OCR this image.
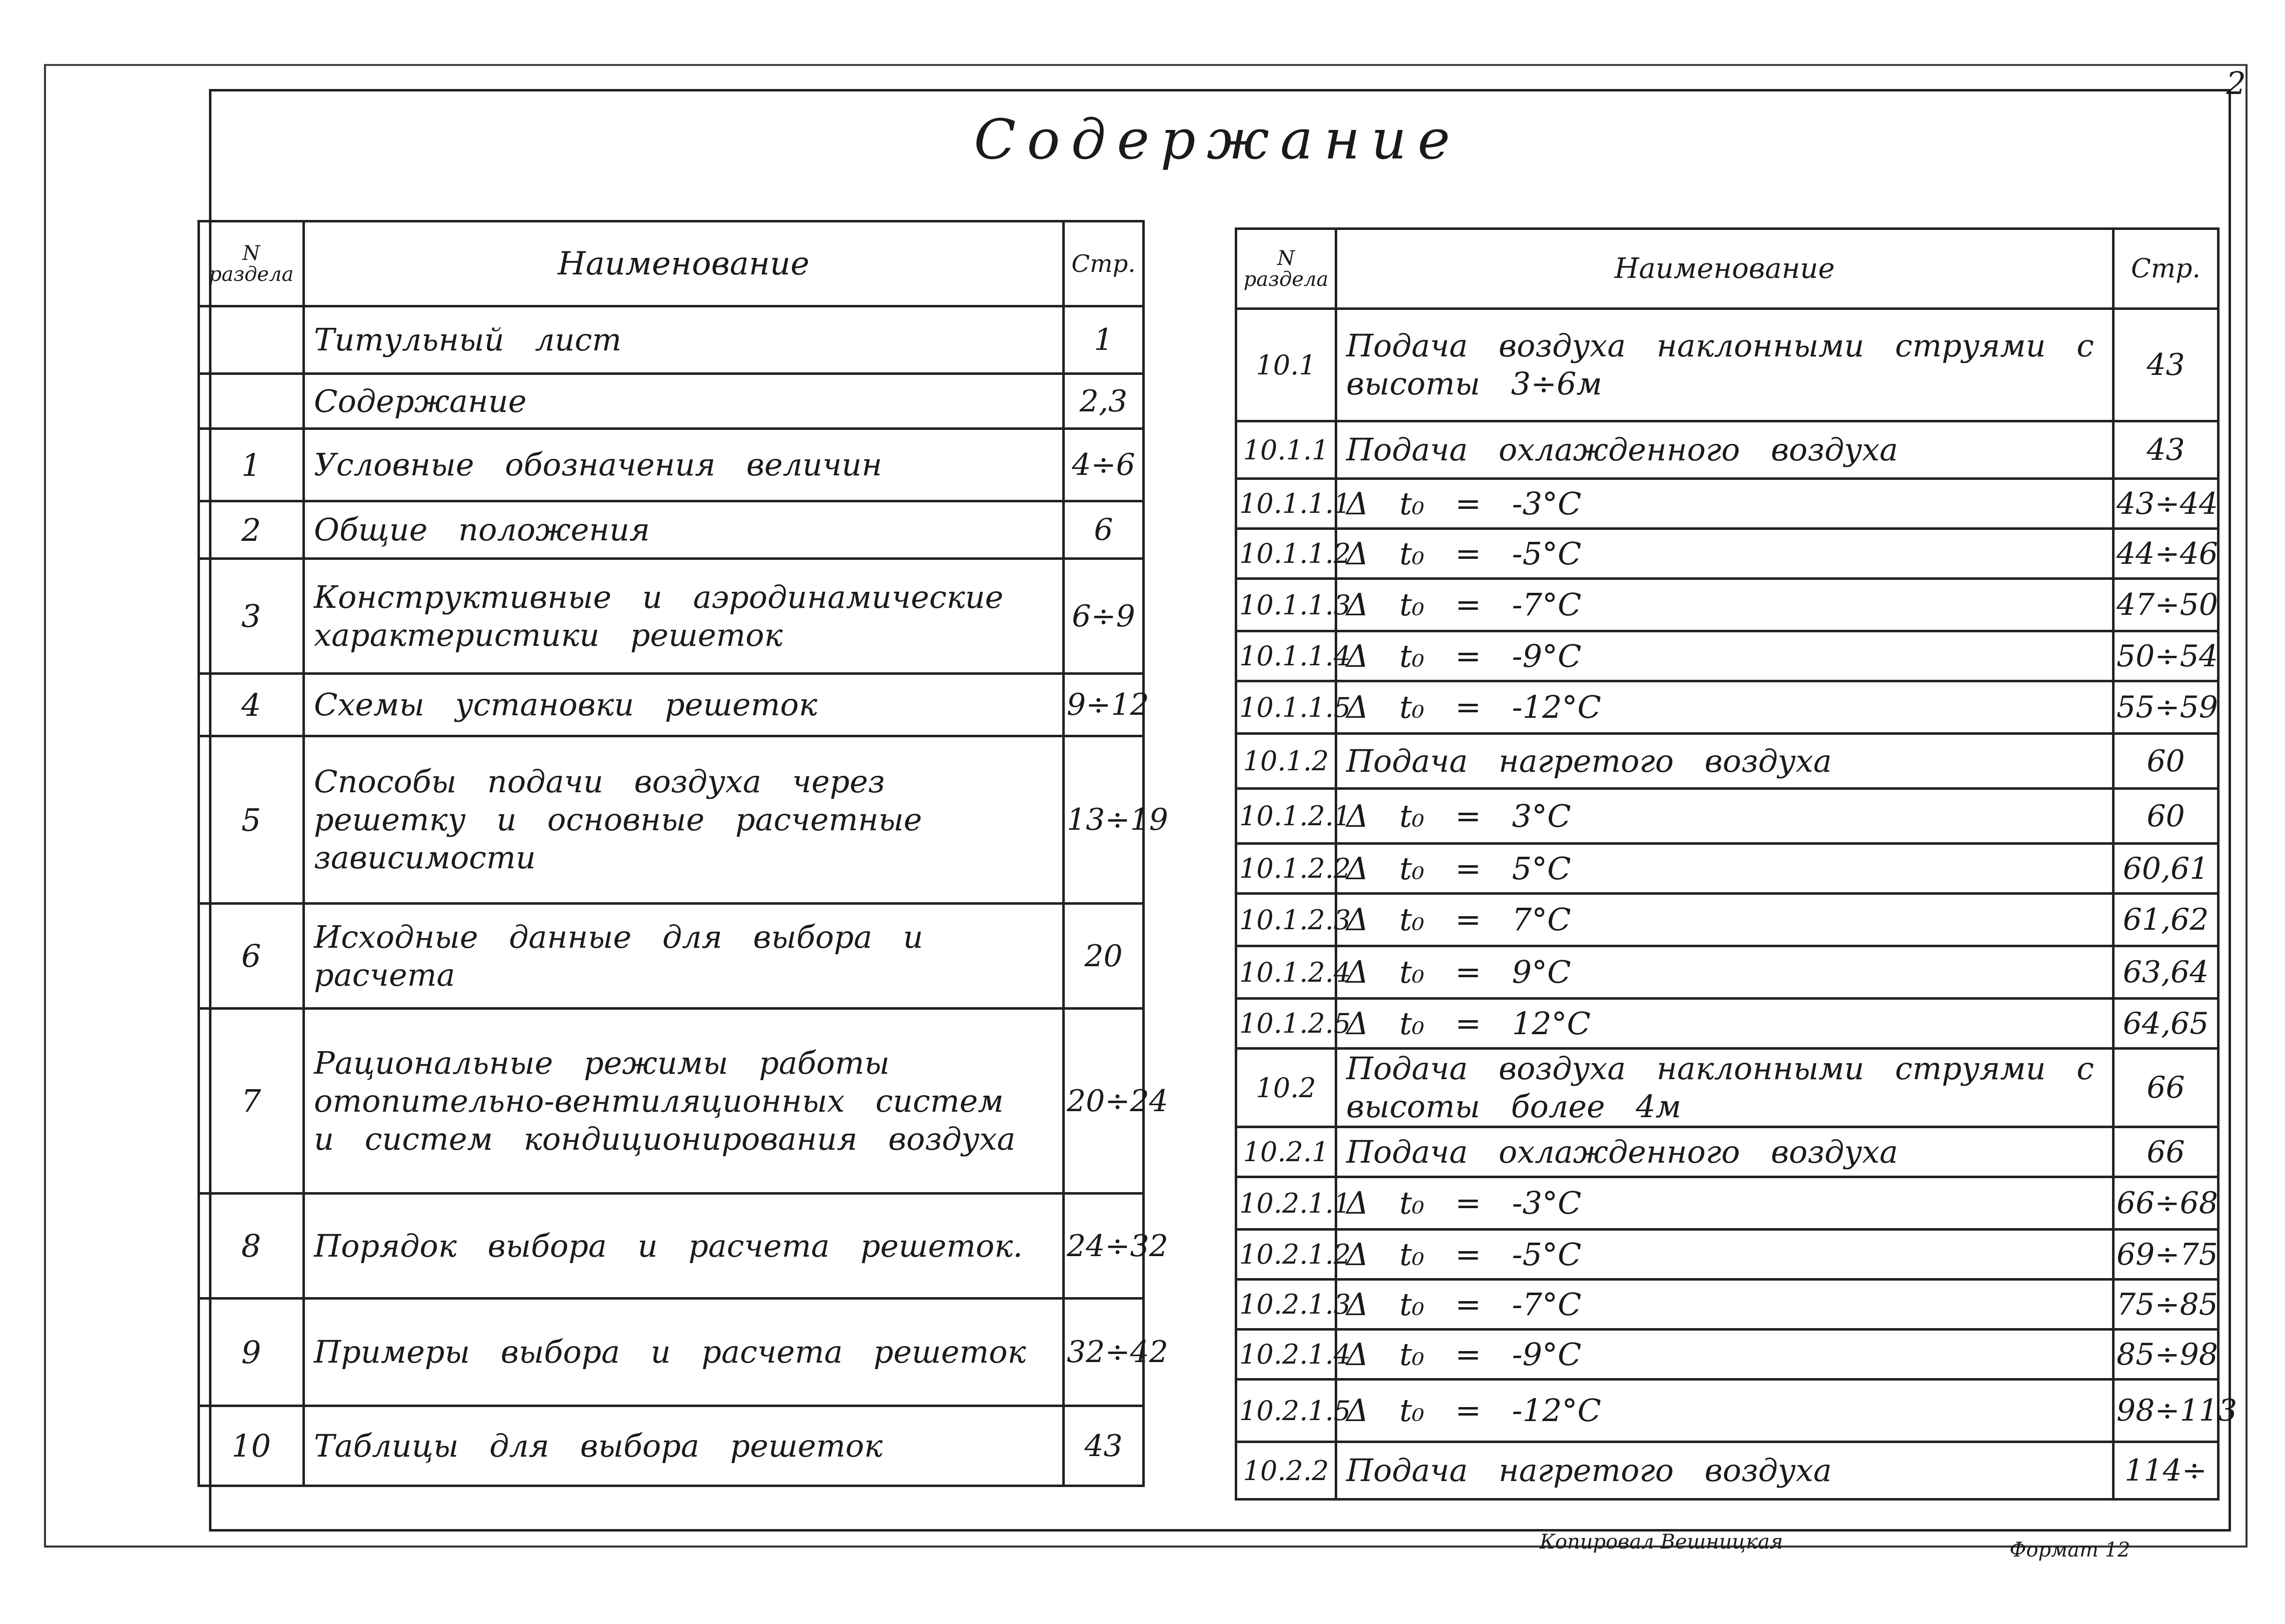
2
Содержание
N раздела	Наименование	Стр.
	Титульный лист	1
	Содержание	2,3
1	Условные обозначения величин	4÷6
2	Общие положения	6
3	Конструктивные и аэродинамические характеристики решеток	6÷9
4	Схемы установки решеток	9÷12
5	Способы подачи воздуха через решетку и основные расчетные зависимости	13÷19
6	Исходные данные для выбора и расчета	20
7	Рациональные режимы работы отопительно-вентиляционных систем и систем кондиционирования воздуха	20÷24
8	Порядок выбора и расчета решеток.	24÷32
9	Примеры выбора и расчета решеток	32÷42
10	Таблицы для выбора решеток	43
N раздела	Наименование	Стр.
10.1	Подача воздуха наклонными струями с высоты 3÷6м	43
10.1.1	Подача охлажденного воздуха	43
10.1.1.1	Δ t₀ = -3°C	43÷44
10.1.1.2	Δ t₀ = -5°C	44÷46
10.1.1.3	Δ t₀ = -7°C	47÷50
10.1.1.4	Δ t₀ = -9°C	50÷54
10.1.1.5	Δ t₀ = -12°C	55÷59
10.1.2	Подача нагретого воздуха	60
10.1.2.1	Δ t₀ = 3°C	60
10.1.2.2	Δ t₀ = 5°C	60,61
10.1.2.3	Δ t₀ = 7°C	61,62
10.1.2.4	Δ t₀ = 9°C	63,64
10.1.2.5	Δ t₀ = 12°C	64,65
10.2	Подача воздуха наклонными струями с высоты более 4м	66
10.2.1	Подача охлажденного воздуха	66
10.2.1.1	Δ t₀ = -3°C	66÷68
10.2.1.2	Δ t₀ = -5°C	69÷75
10.2.1.3	Δ t₀ = -7°C	75÷85
10.2.1.4	Δ t₀ = -9°C	85÷98
10.2.1.5	Δ t₀ = -12°C	98÷113
10.2.2	Подача нагретого воздуха	114÷
Копировал Вешницкая	Формат 12
